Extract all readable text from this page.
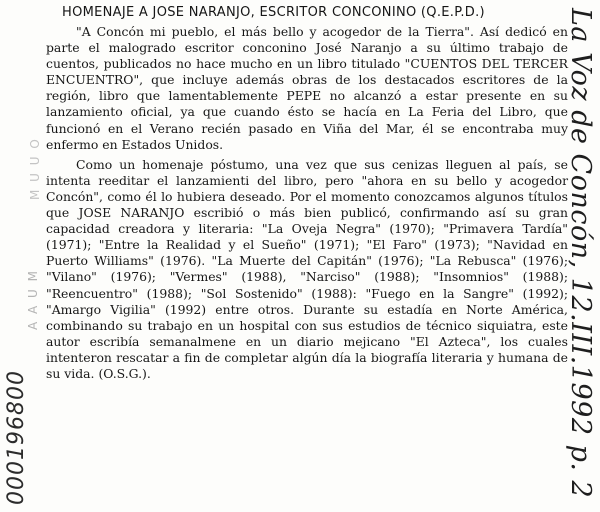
M U U O
A A U M
000196800
HOMENAJE A JOSE NARANJO, ESCRITOR CONCONINO (Q.E.P.D.)

"A Concón mi pueblo, el más bello y acogedor de la Tierra". Así dedicó en parte el malogrado escritor conconino José Naranjo a su último trabajo de cuentos, publicados no hace mucho en un libro titulado "CUENTOS DEL TERCER ENCUENTRO", que incluye además obras de los destacados escritores de la región, libro que lamentablemente PEPE no alcanzó a estar presente en su lanzamiento oficial, ya que cuando ésto se hacía en La Feria del Libro, que funcionó en el Verano recién pasado en Viña del Mar, él se encontraba muy enfermo en Estados Unidos.

Como un homenaje póstumo, una vez que sus cenizas lleguen al país, se intenta reeditar el lanzamienti del libro, pero "ahora en su bello y acogedor Concón", como él lo hubiera deseado. Por el momento conozcamos algunos títulos que JOSE NARANJO escribió o más bien publicó, confirmando así su gran capacidad creadora y literaria: "La Oveja Negra" (1970); "Primavera Tardía" (1971); "Entre la Realidad y el Sueño" (1971); "El Faro" (1973); "Navidad en Puerto Williams" (1976). "La Muerte del Capitán" (1976); "La Rebusca" (1976); "Vilano" (1976); "Vermes" (1988), "Narciso" (1988); "Insomnios" (1988); "Reencuentro" (1988); "Sol Sostenido" (1988): "Fuego en la Sangre" (1992); "Amargo Vigilia" (1992) entre otros. Durante su estadía en Norte América, combinando su trabajo en un hospital con sus estudios de técnico siquiatra, este autor escribía semanalmene en un diario mejicano "El Azteca", los cuales intenteron rescatar a fin de completar algún día la biografía literaria y humana de su vida. (O.S.G.).	La Voz de Concón, 12.III.1992 p. 2
